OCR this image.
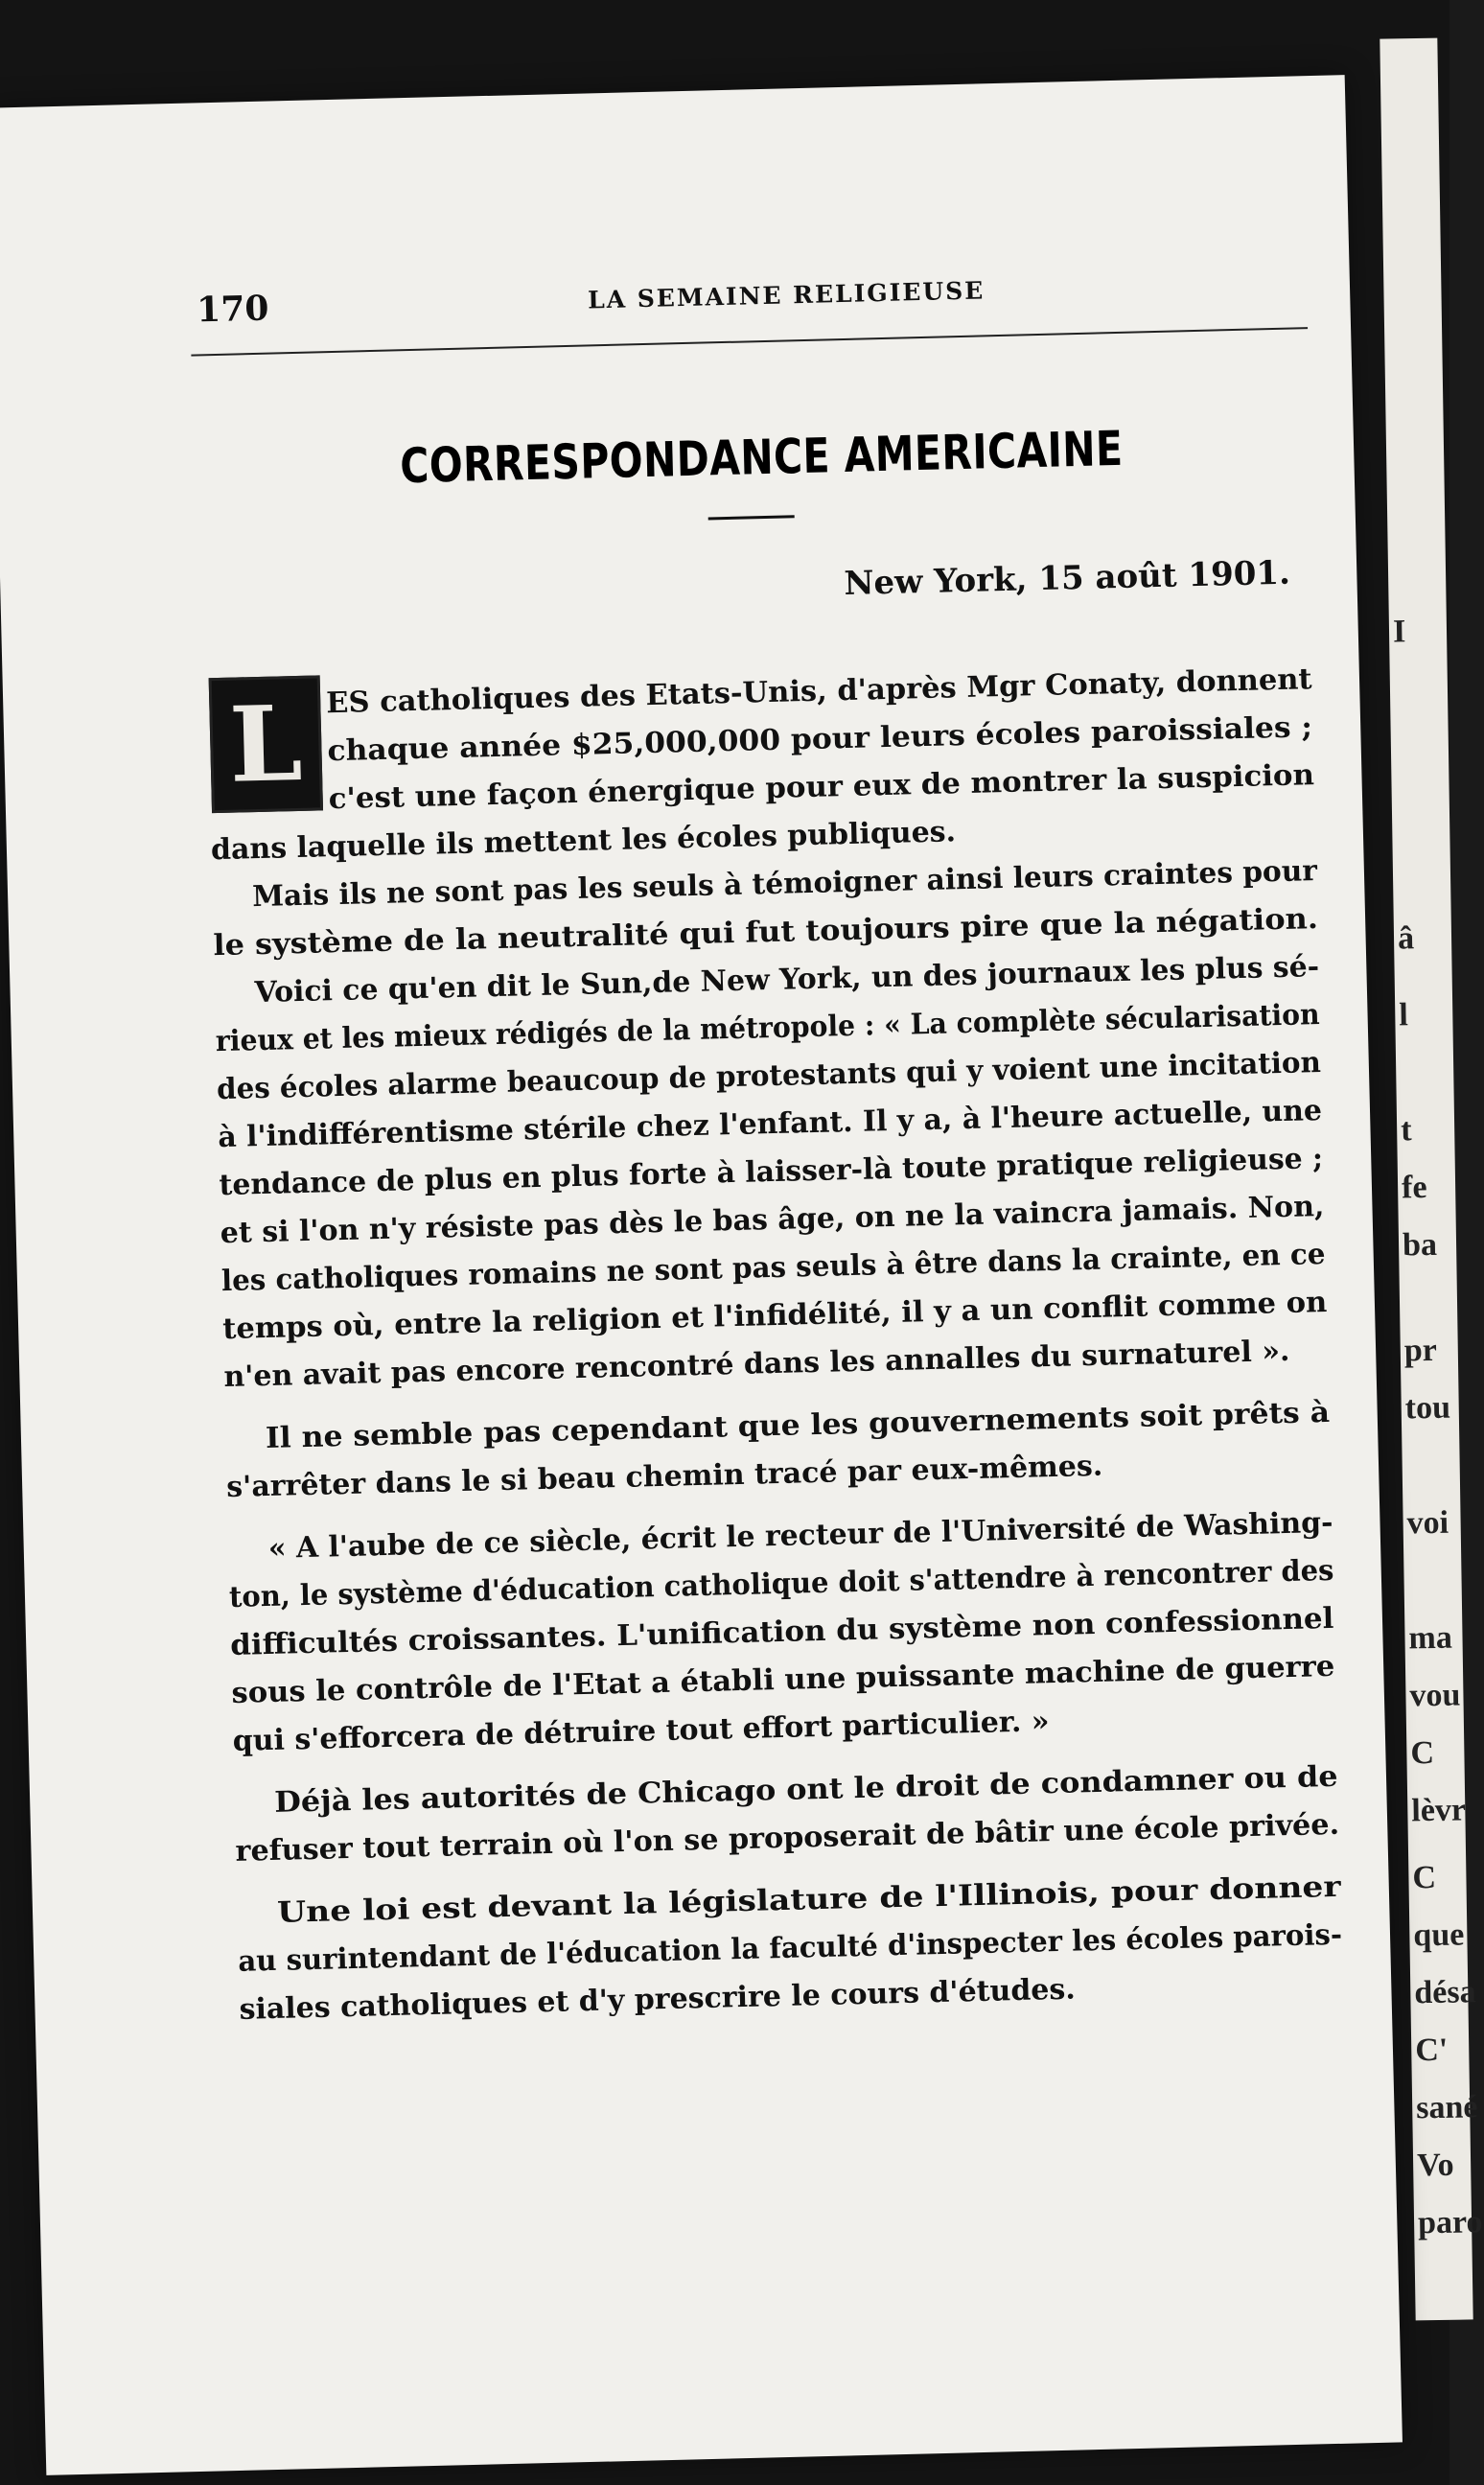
I
â
l
t
fe
ba
pr
tou
voi
ma
vou
C
lèvr
C
que
désa
C'
sané
Vo
paro
170	LA SEMAINE RELIGIEUSE
CORRESPONDANCE AMERICAINE
New York, 15 août 1901.
L ES catholiques des Etats-Unis, d'après Mgr Conaty, donnent
chaque année $25,000,000 pour leurs écoles paroissiales ;
c'est une façon énergique pour eux de montrer la suspicion
dans laquelle ils mettent les écoles publiques.
Mais ils ne sont pas les seuls à témoigner ainsi leurs craintes pour
le système de la neutralité qui fut toujours pire que la négation.
Voici ce qu'en dit le Sun,de New York, un des journaux les plus sé-
rieux et les mieux rédigés de la métropole : « La complète sécularisation
des écoles alarme beaucoup de protestants qui y voient une incitation
à l'indifférentisme stérile chez l'enfant. Il y a, à l'heure actuelle, une
tendance de plus en plus forte à laisser-là toute pratique religieuse ;
et si l'on n'y résiste pas dès le bas âge, on ne la vaincra jamais. Non,
les catholiques romains ne sont pas seuls à être dans la crainte, en ce
temps où, entre la religion et l'infidélité, il y a un conflit comme on
n'en avait pas encore rencontré dans les annalles du surnaturel ».
Il ne semble pas cependant que les gouvernements soit prêts à
s'arrêter dans le si beau chemin tracé par eux-mêmes.
« A l'aube de ce siècle, écrit le recteur de l'Université de Washing-
ton, le système d'éducation catholique doit s'attendre à rencontrer des
difficultés croissantes. L'unification du système non confessionnel
sous le contrôle de l'Etat a établi une puissante machine de guerre
qui s'efforcera de détruire tout effort particulier. »
Déjà les autorités de Chicago ont le droit de condamner ou de
refuser tout terrain où l'on se proposerait de bâtir une école privée.
Une loi est devant la législature de l'Illinois, pour donner
au surintendant de l'éducation la faculté d'inspecter les écoles parois-
siales catholiques et d'y prescrire le cours d'études.
